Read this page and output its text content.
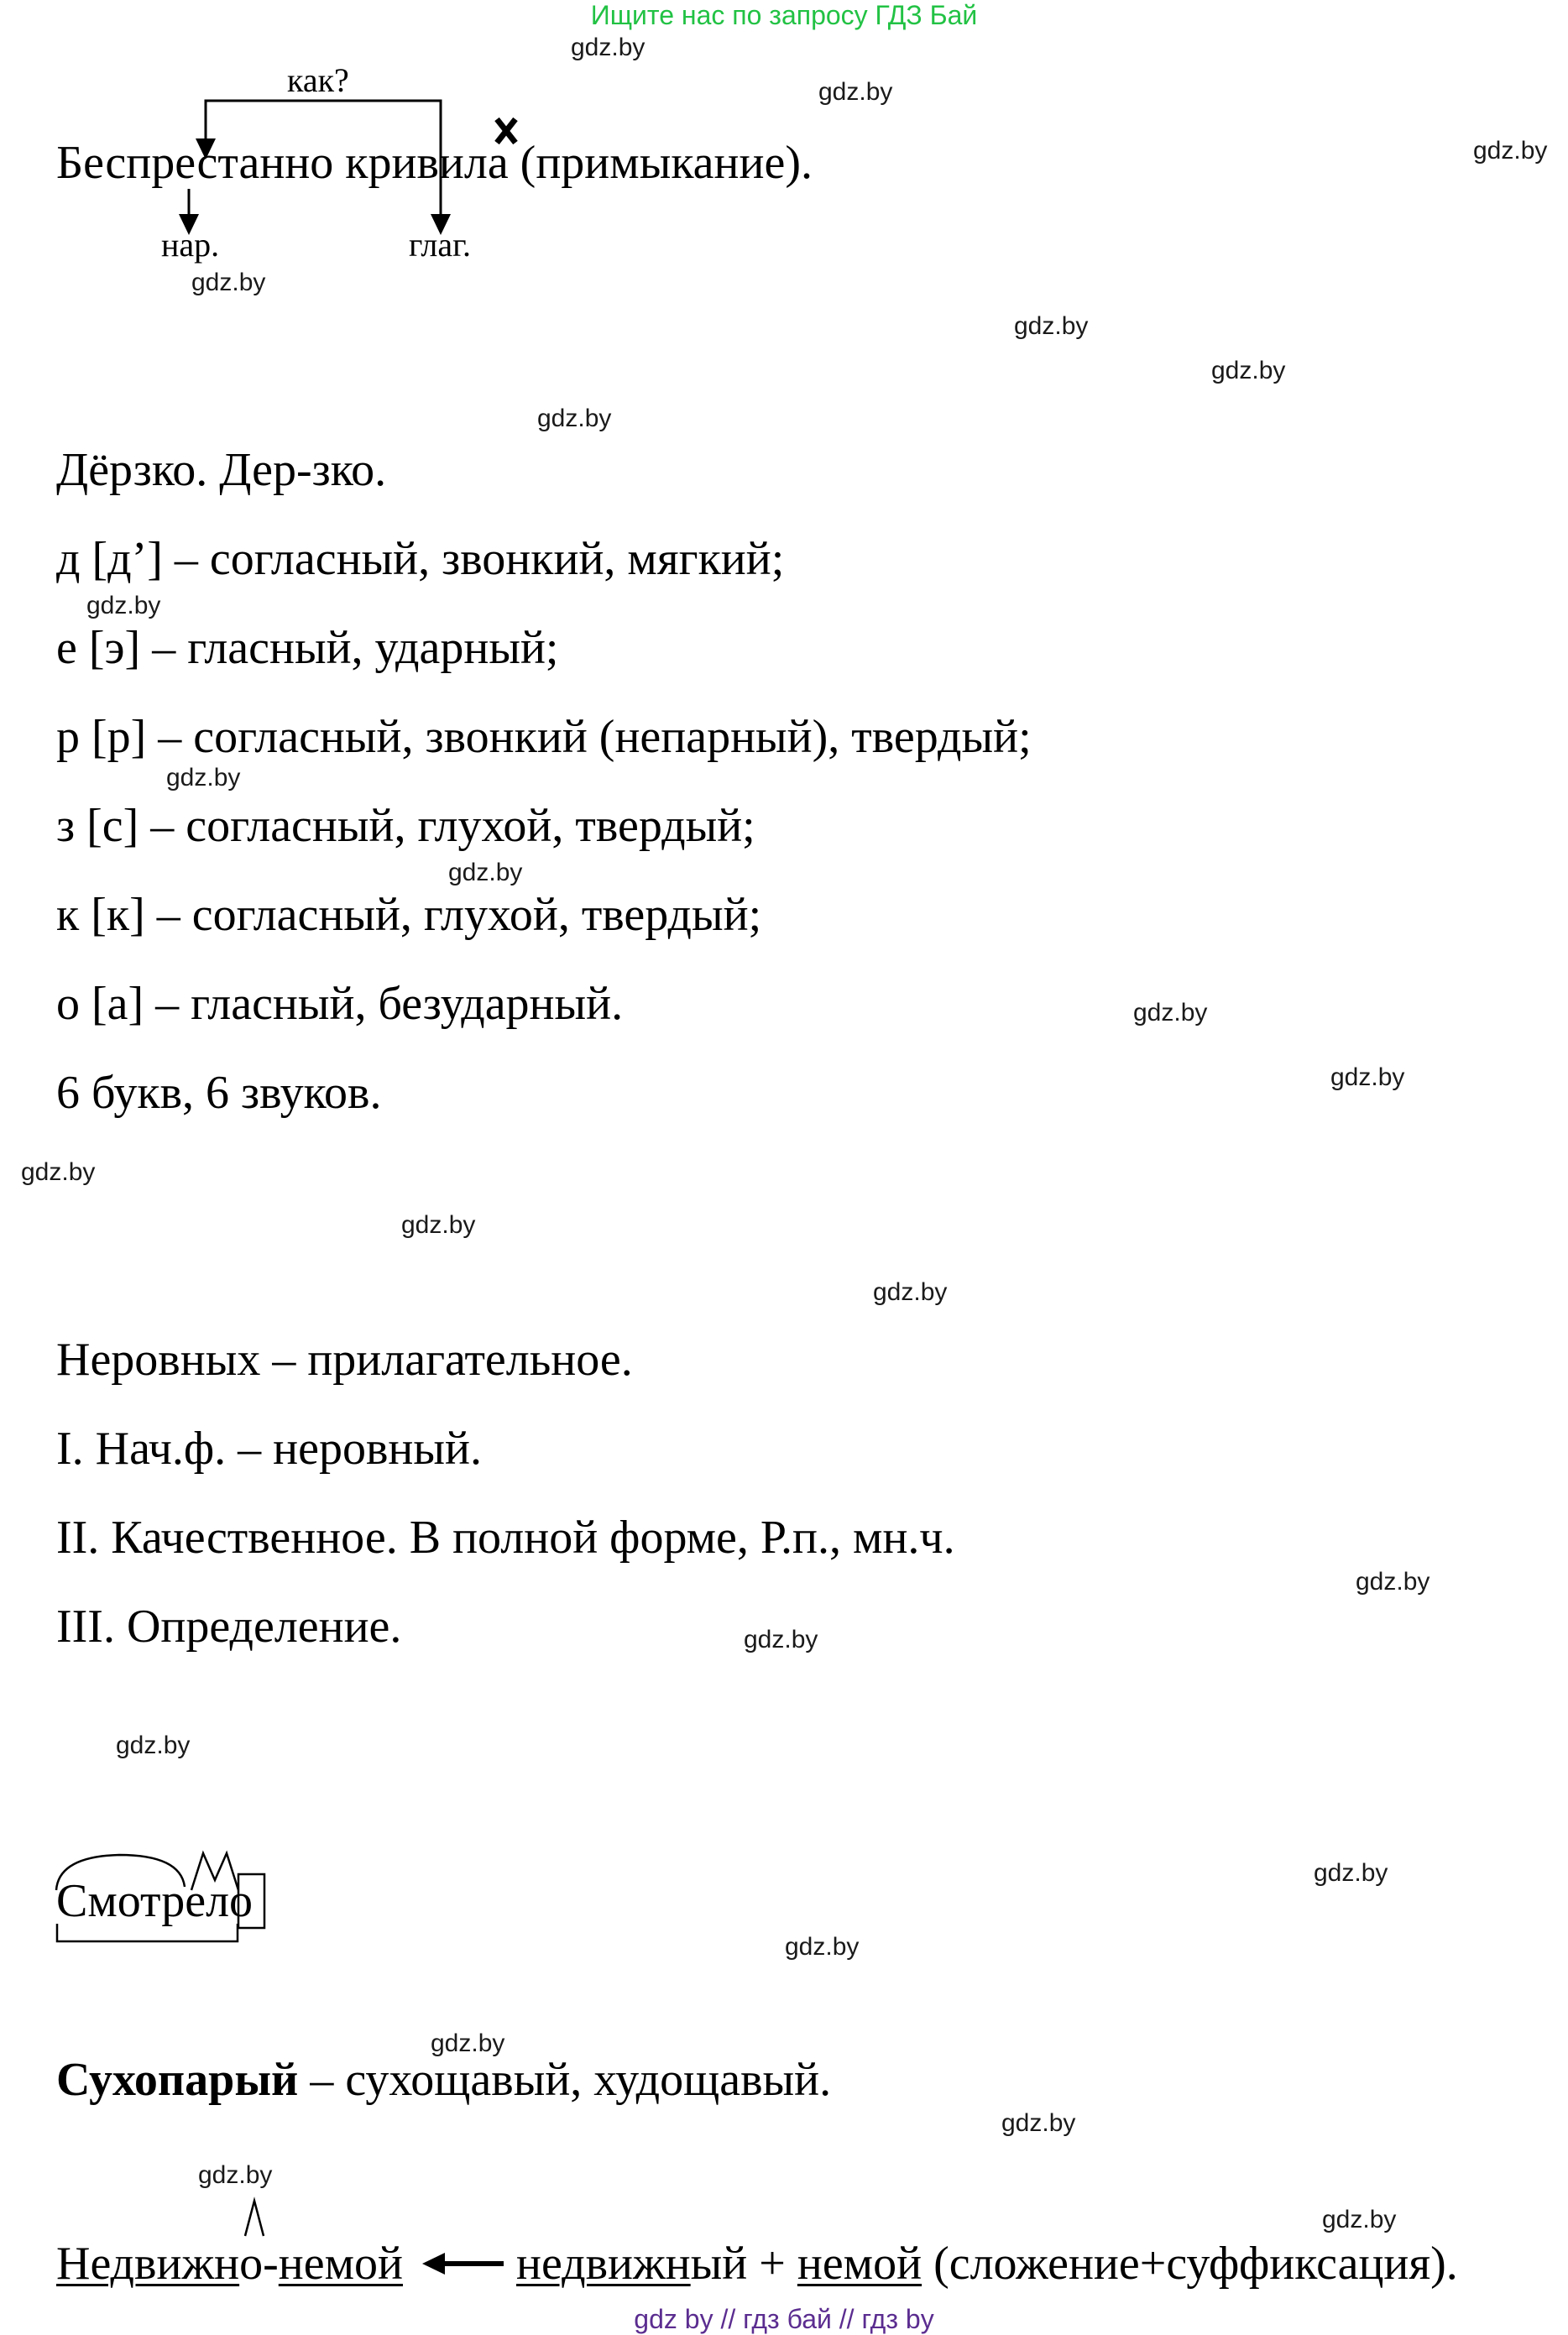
Ищите нас по запросу ГДЗ Бай
gdz by // гдз бай // гдз by
gdz.by
gdz.by
gdz.by
gdz.by
gdz.by
gdz.by
gdz.by
gdz.by
gdz.by
gdz.by
gdz.by
gdz.by
gdz.by
gdz.by
gdz.by
gdz.by
gdz.by
gdz.by
gdz.by
gdz.by
gdz.by
gdz.by
gdz.by
gdz.by
как?
Беспрестанно кривила (примыкание).
нар.	глаг.
Дёрзко. Дер-зко.
д [д’] – согласный, звонкий, мягкий;
е [э] – гласный, ударный;
р [р] – согласный, звонкий (непарный), твердый;
з [с] – согласный, глухой, твердый;
к [к] – согласный, глухой, твердый;
о [а] – гласный, безударный.
6 букв, 6 звуков.
Неровных – прилагательное.
I. Нач.ф. – неровный.
II. Качественное. В полной форме, Р.п., мн.ч.
III. Определение.
Смотрело
Сухопарый – сухощавый, худощавый.
Недвижно-немой недвижный + немой (сложение+суффиксация).
